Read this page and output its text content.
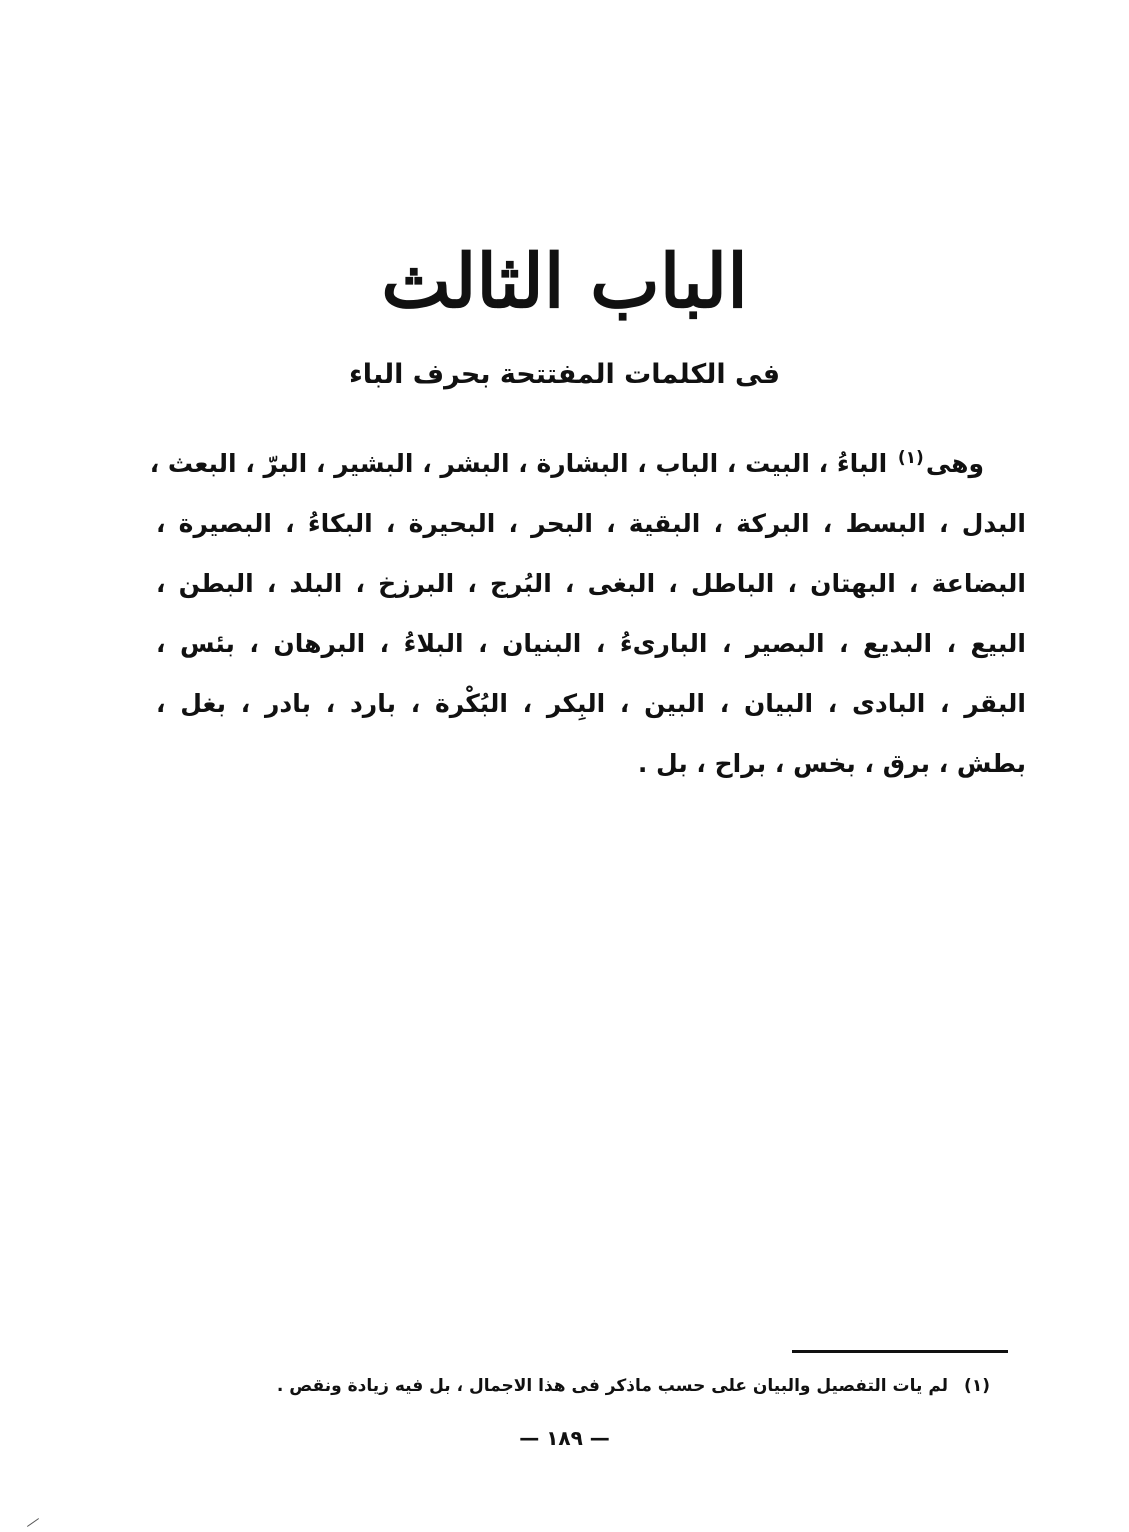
الباب الثالث
فى الكلمات المفتتحة بحرف الباء
وهى$^{(١)}$ الباءُ ، البيت ، الباب ، البشارة ، البشر ، البشير ، البرّ ، البعث ،
البدل ، البسط ، البركة ، البقية ، البحر ، البحيرة ، البكاءُ ، البصيرة ،
البضاعة ، البهتان ، الباطل ، البغى ، البُرج ، البرزخ ، البلد ، البطن ،
البيع ، البديع ، البصير ، البارىءُ ، البنيان ، البلاءُ ، البرهان ، بئس ،
البقر ، البادى ، البيان ، البين ، البِكر ، البُكْرة ، بارد ، بادر ، بغل ،
بطش ، برق ، بخس ، براح ، بل .
(١)لم يات التفصيل والبيان على حسب ماذكر فى هذا الاجمال ، بل فيه زيادة ونقص .
— ١٨٩ —
